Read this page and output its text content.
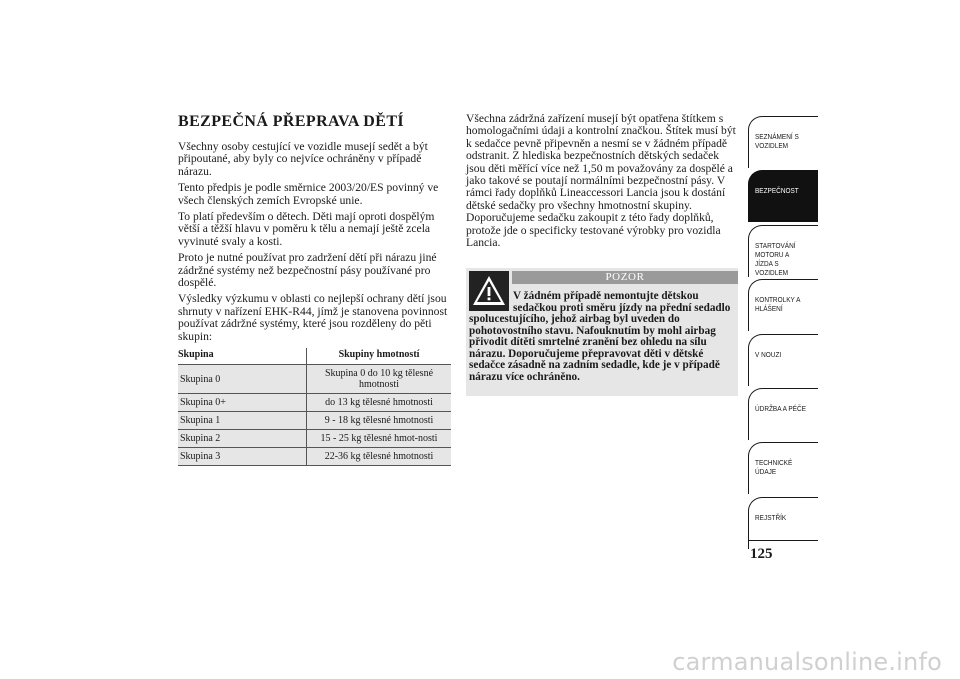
BEZPEČNÁ PŘEPRAVA DĚTÍ

Všechny osoby cestující ve vozidle musejí sedět a být připoutané, aby byly co nejvíce ochráněny v případě nárazu.

Tento předpis je podle směrnice 2003/20/ES povinný ve všech členských zemích Evropské unie.

To platí především o dětech. Děti mají oproti dospělým větší a těžší hlavu v poměru k tělu a nemají ještě zcela vyvinuté svaly a kosti.

Proto je nutné používat pro zadržení dětí při nárazu jiné zádržné systémy než bezpečnostní pásy používané pro dospělé.

Výsledky výzkumu v oblasti co nejlepší ochrany dětí jsou shrnuty v nařízení EHK-R44, jímž je stanovena povinnost používat zádržné systémy, které jsou rozděleny do pěti skupin:

Skupina	Skupiny hmotností
Skupina 0	Skupina 0 do 10 kg tělesné hmotnosti
Skupina 0+	do 13 kg tělesné hmotnosti
Skupina 1	9 - 18 kg tělesné hmotnosti
Skupina 2	15 - 25 kg tělesné hmot-nosti
Skupina 3	22-36 kg tělesné hmotnosti

Všechna zádržná zařízení musejí být opatřena štítkem s homologačními údaji a kontrolní značkou. Štítek musí být k sedačce pevně připevněn a nesmí se v žádném případě odstranit. Z hlediska bezpečnostních dětských sedaček jsou děti měřící více než 1,50 m považovány za dospělé a jako takové se poutají normálními bezpečnostní pásy. V rámci řady doplňků Lineaccessori Lancia jsou k dostání dětské sedačky pro všechny hmotnostní skupiny. Doporučujeme sedačku zakoupit z této řady doplňků, protože jde o specificky testované výrobky pro vozidla Lancia.

POZOR
V žádném případě nemontujte dětskou sedačkou proti směru jízdy na přední sedadlo spolucestujícího, jehož airbag byl uveden do pohotovostního stavu. Nafouknutím by mohl airbag přivodit dítěti smrtelné zranění bez ohledu na sílu nárazu. Doporučujeme přepravovat děti v dětské sedačce zásadně na zadním sedadle, kde je v případě nárazu více ochráněno.
SEZNÁMENÍ S VOZIDLEM
BEZPEČNOST
STARTOVÁNÍ MOTORU A JÍZDA S VOZIDLEM
KONTROLKY A HLÁŠENÍ
V NOUZI
ÚDRŽBA A PÉČE
TECHNICKÉ ÚDAJE
REJSTŘÍK
125
carmanualsonline.info
